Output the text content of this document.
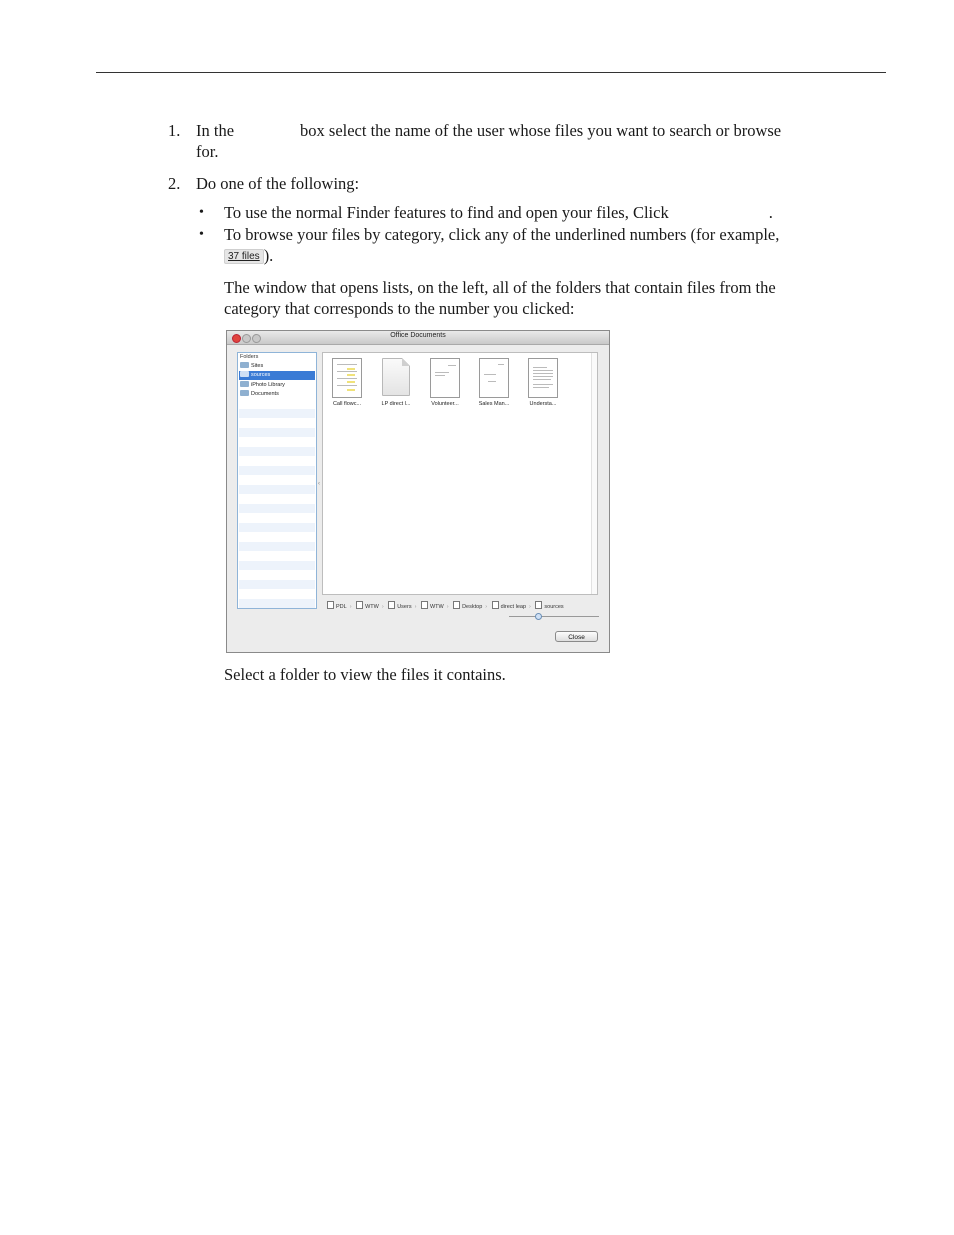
1. In the	box select the name of the user whose files you want to search or browse
for.
2. Do one of the following:
• To use the normal Finder features to find and open your files, Click	.
• To browse your files by category, click any of the underlined numbers (for example,
37 files ).
The window that opens lists, on the left, all of the folders that contain files from the
category that corresponds to the number you clicked:
Office Documents
Folders
Sites
sources
iPhoto Library
Documents
‹
Call flowc...	LP direct l...	Volunteer...	Sales Man...	Understa...
PDL › WTW › Users › WTW › Desktop › direct leap › sources
Close
Select a folder to view the files it contains.
